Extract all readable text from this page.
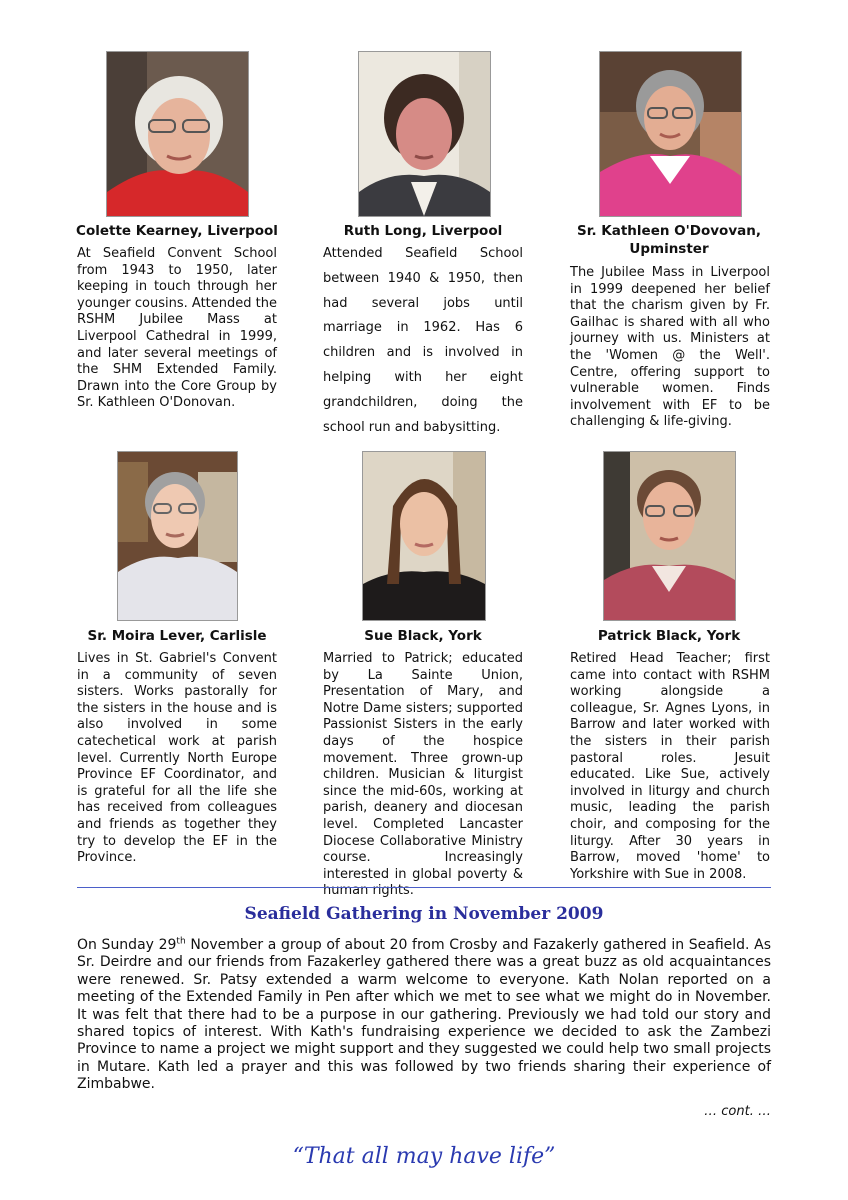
Colette Kearney, Liverpool
At Seafield Convent School from 1943 to 1950, later keeping in touch through her younger cousins. Attended the RSHM Jubilee Mass at Liverpool Cathedral in 1999, and later several meetings of the SHM Extended Family. Drawn into the Core Group by Sr. Kathleen O'Donovan.
Ruth Long, Liverpool
Attended Seafield School between 1940 & 1950, then had several jobs until marriage in 1962. Has 6 children and is involved in helping with her eight grandchildren, doing the school run and babysitting.
Sr. Kathleen O'Dovovan, Upminster
The Jubilee Mass in Liverpool in 1999 deepened her belief that the charism given by Fr. Gailhac is shared with all who journey with us. Ministers at the 'Women @ the Well'. Centre, offering support to vulnerable women. Finds involvement with EF to be challenging & life-giving.
Sr. Moira Lever, Carlisle
Lives in St. Gabriel's Convent in a community of seven sisters. Works pastorally for the sisters in the house and is also involved in some catechetical work at parish level. Currently North Europe Province EF Coordinator, and is grateful for all the life she has received from colleagues and friends as together they try to develop the EF in the Province.
Sue Black, York
Married to Patrick; educated by La Sainte Union, Presentation of Mary, and Notre Dame sisters; supported Passionist Sisters in the early days of the hospice movement. Three grown-up children. Musician & liturgist since the mid-60s, working at parish, deanery and diocesan level. Completed Lancaster Diocese Collaborative Ministry course. Increasingly interested in global poverty & human rights.
Patrick Black, York
Retired Head Teacher; first came into contact with RSHM working alongside a colleague, Sr. Agnes Lyons, in Barrow and later worked with the sisters in their parish pastoral roles. Jesuit educated. Like Sue, actively involved in liturgy and church music, leading the parish choir, and composing for the liturgy. After 30 years in Barrow, moved 'home' to Yorkshire with Sue in 2008.
Seafield Gathering in November 2009
On Sunday 29th November a group of about 20 from Crosby and Fazakerly gathered in Seafield. As Sr. Deirdre and our friends from Fazakerley gathered there was a great buzz as old acquaintances were renewed. Sr. Patsy extended a warm welcome to everyone. Kath Nolan reported on a meeting of the Extended Family in Pen after which we met to see what we might do in November. It was felt that there had to be a purpose in our gathering. Previously we had told our story and shared topics of interest. With Kath's fundraising experience we decided to ask the Zambezi Province to name a project we might support and they suggested we could help two small projects in Mutare. Kath led a prayer and this was followed by two friends sharing their experience of Zimbabwe.
… cont. …
“That all may have life”
